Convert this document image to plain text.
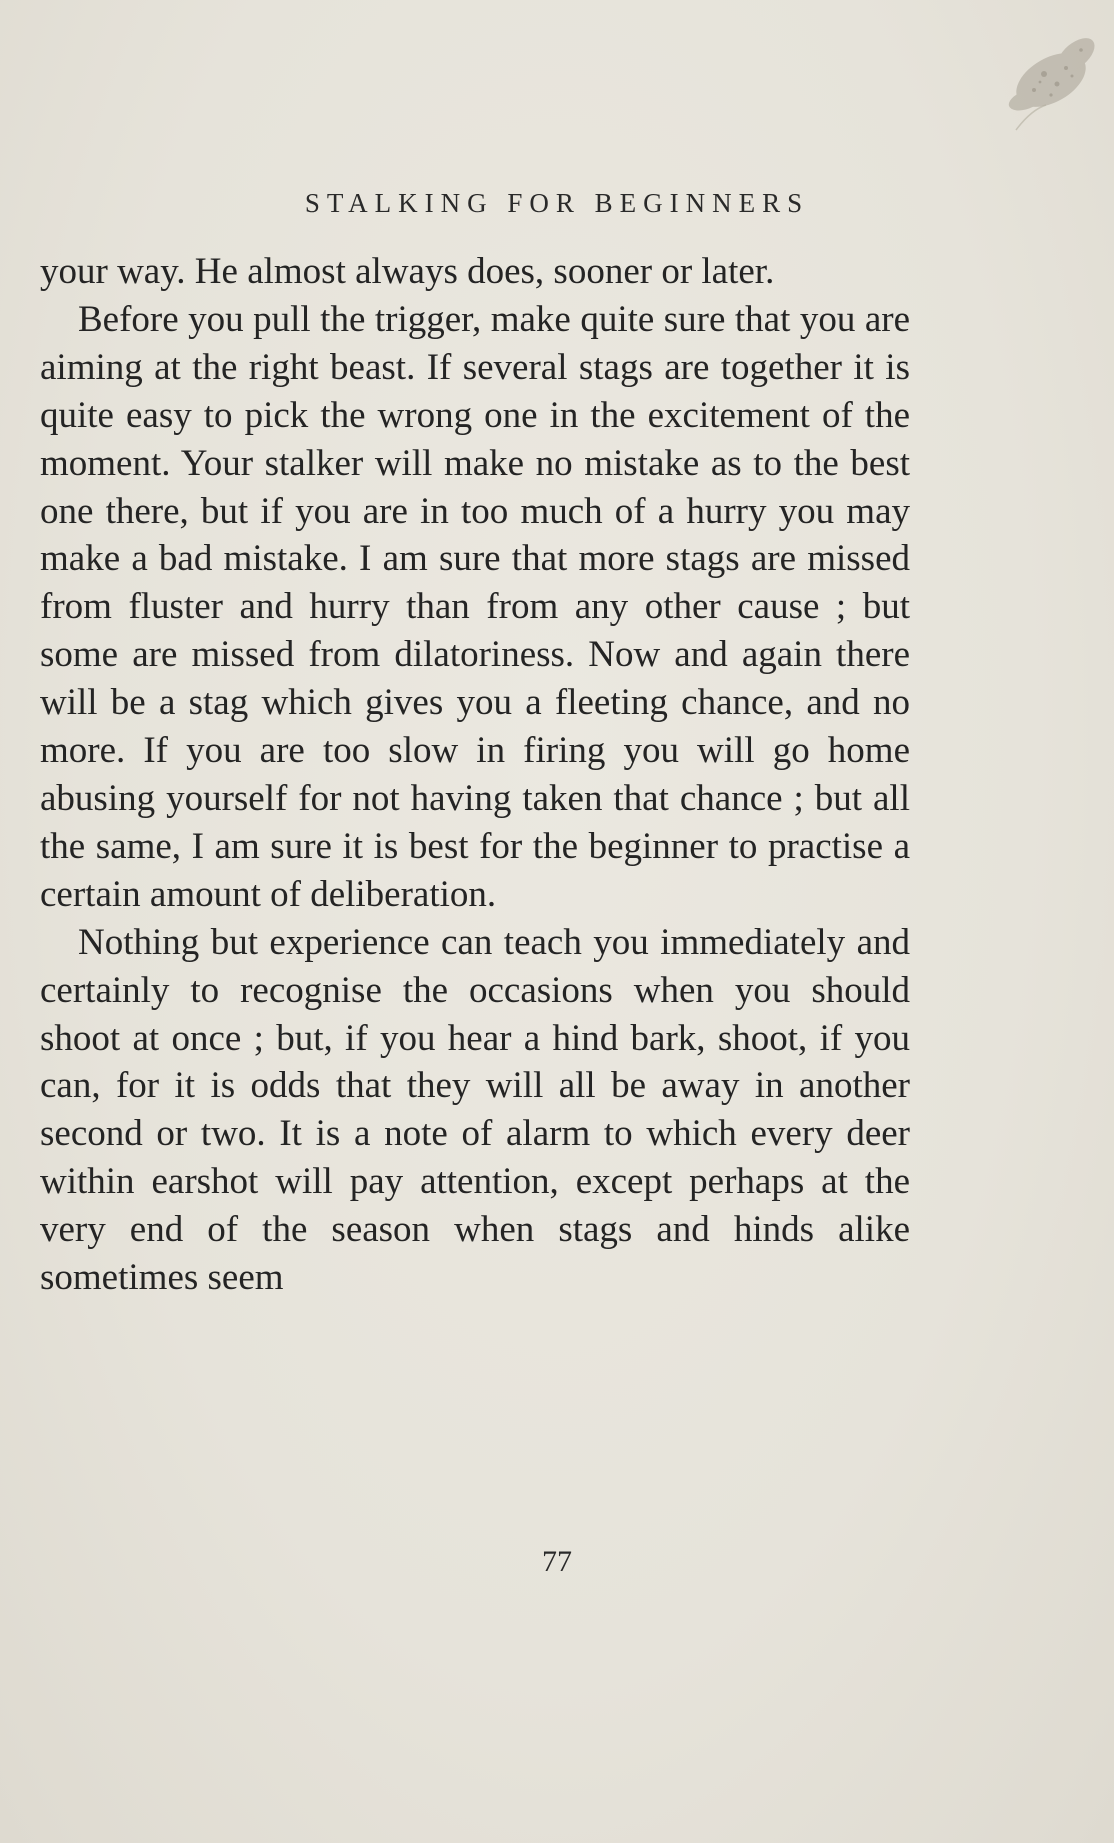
STALKING FOR BEGINNERS

your way. He almost always does, sooner or later.

Before you pull the trigger, make quite sure that you are aiming at the right beast. If several stags are together it is quite easy to pick the wrong one in the excitement of the moment. Your stalker will make no mistake as to the best one there, but if you are in too much of a hurry you may make a bad mistake. I am sure that more stags are missed from fluster and hurry than from any other cause ; but some are missed from dilatoriness. Now and again there will be a stag which gives you a fleeting chance, and no more. If you are too slow in firing you will go home abusing yourself for not having taken that chance ; but all the same, I am sure it is best for the beginner to practise a certain amount of deliberation.

Nothing but experience can teach you immediately and certainly to recognise the occasions when you should shoot at once ; but, if you hear a hind bark, shoot, if you can, for it is odds that they will all be away in another second or two. It is a note of alarm to which every deer within earshot will pay attention, except perhaps at the very end of the season when stags and hinds alike sometimes seem

77
